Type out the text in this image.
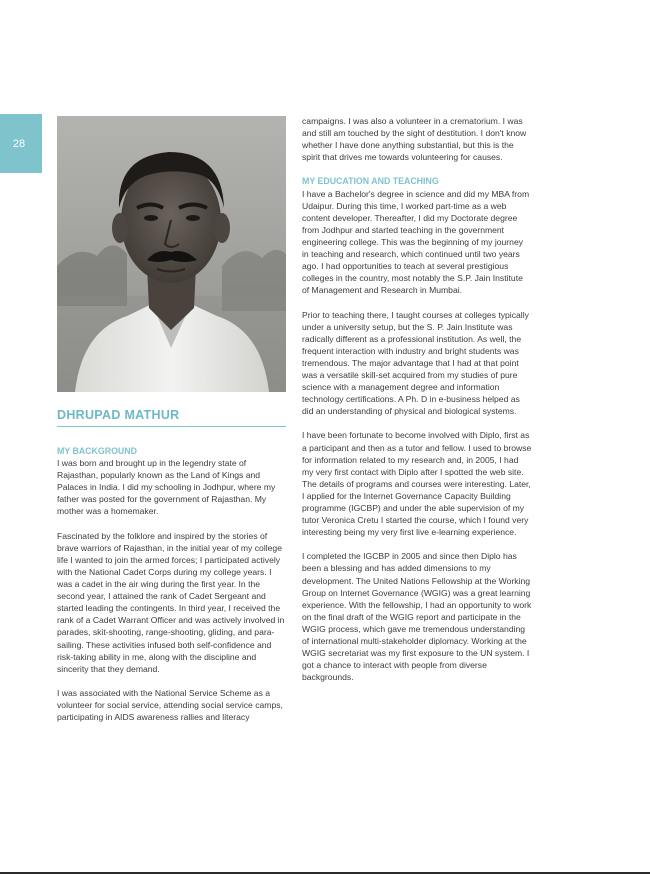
28
DHRUPAD MATHUR
MY BACKGROUND

I was born and brought up in the legendry state of Rajasthan, popularly known as the Land of Kings and Palaces in India. I did my schooling in Jodhpur, where my father was posted for the government of Rajasthan. My mother was a homemaker.

Fascinated by the folklore and inspired by the stories of brave warriors of Rajasthan, in the initial year of my college life I wanted to join the armed forces; I participated actively with the National Cadet Corps during my college years. I was a cadet in the air wing during the first year. In the second year, I attained the rank of Cadet Sergeant and started leading the contingents. In third year, I received the rank of a Cadet Warrant Officer and was actively involved in parades, skit-shooting, range-shooting, gliding, and para-sailing. These activities infused both self-confidence and risk-taking ability in me, along with the discipline and sincerity that they demand.

I was associated with the National Service Scheme as a volunteer for social service, attending social service camps, participating in AIDS awareness rallies and literacy

campaigns. I was also a volunteer in a crematorium. I was and still am touched by the sight of destitution. I don't know whether I have done anything substantial, but this is the spirit that drives me towards volunteering for causes.

MY EDUCATION AND TEACHING

I have a Bachelor's degree in science and did my MBA from Udaipur. During this time, I worked part-time as a web content developer. Thereafter, I did my Doctorate degree from Jodhpur and started teaching in the government engineering college. This was the beginning of my journey in teaching and research, which continued until two years ago. I had opportunities to teach at several prestigious colleges in the country, most notably the S.P. Jain Institute of Management and Research in Mumbai.

Prior to teaching there, I taught courses at colleges typically under a university setup, but the S. P. Jain Institute was radically different as a professional institution. As well, the frequent interaction with industry and bright students was tremendous. The major advantage that I had at that point was a versatile skill-set acquired from my studies of pure science with a management degree and information technology certifications. A Ph. D in e-business helped as did an understanding of physical and biological systems.

I have been fortunate to become involved with Diplo, first as a participant and then as a tutor and fellow. I used to browse for information related to my research and, in 2005, I had my very first contact with Diplo after I spotted the web site. The details of programs and courses were interesting. Later, I applied for the Internet Governance Capacity Building programme (IGCBP) and under the able supervision of my tutor Veronica Cretu I started the course, which I found very interesting being my very first live e-learning experience.

I completed the IGCBP in 2005 and since then Diplo has been a blessing and has added dimensions to my development. The United Nations Fellowship at the Working Group on Internet Governance (WGIG) was a great learning experience. With the fellowship, I had an opportunity to work on the final draft of the WGIG report and participate in the WGIG process, which gave me tremendous understanding of international multi-stakeholder diplomacy. Working at the WGIG secretariat was my first exposure to the UN system. I got a chance to interact with people from diverse backgrounds.
